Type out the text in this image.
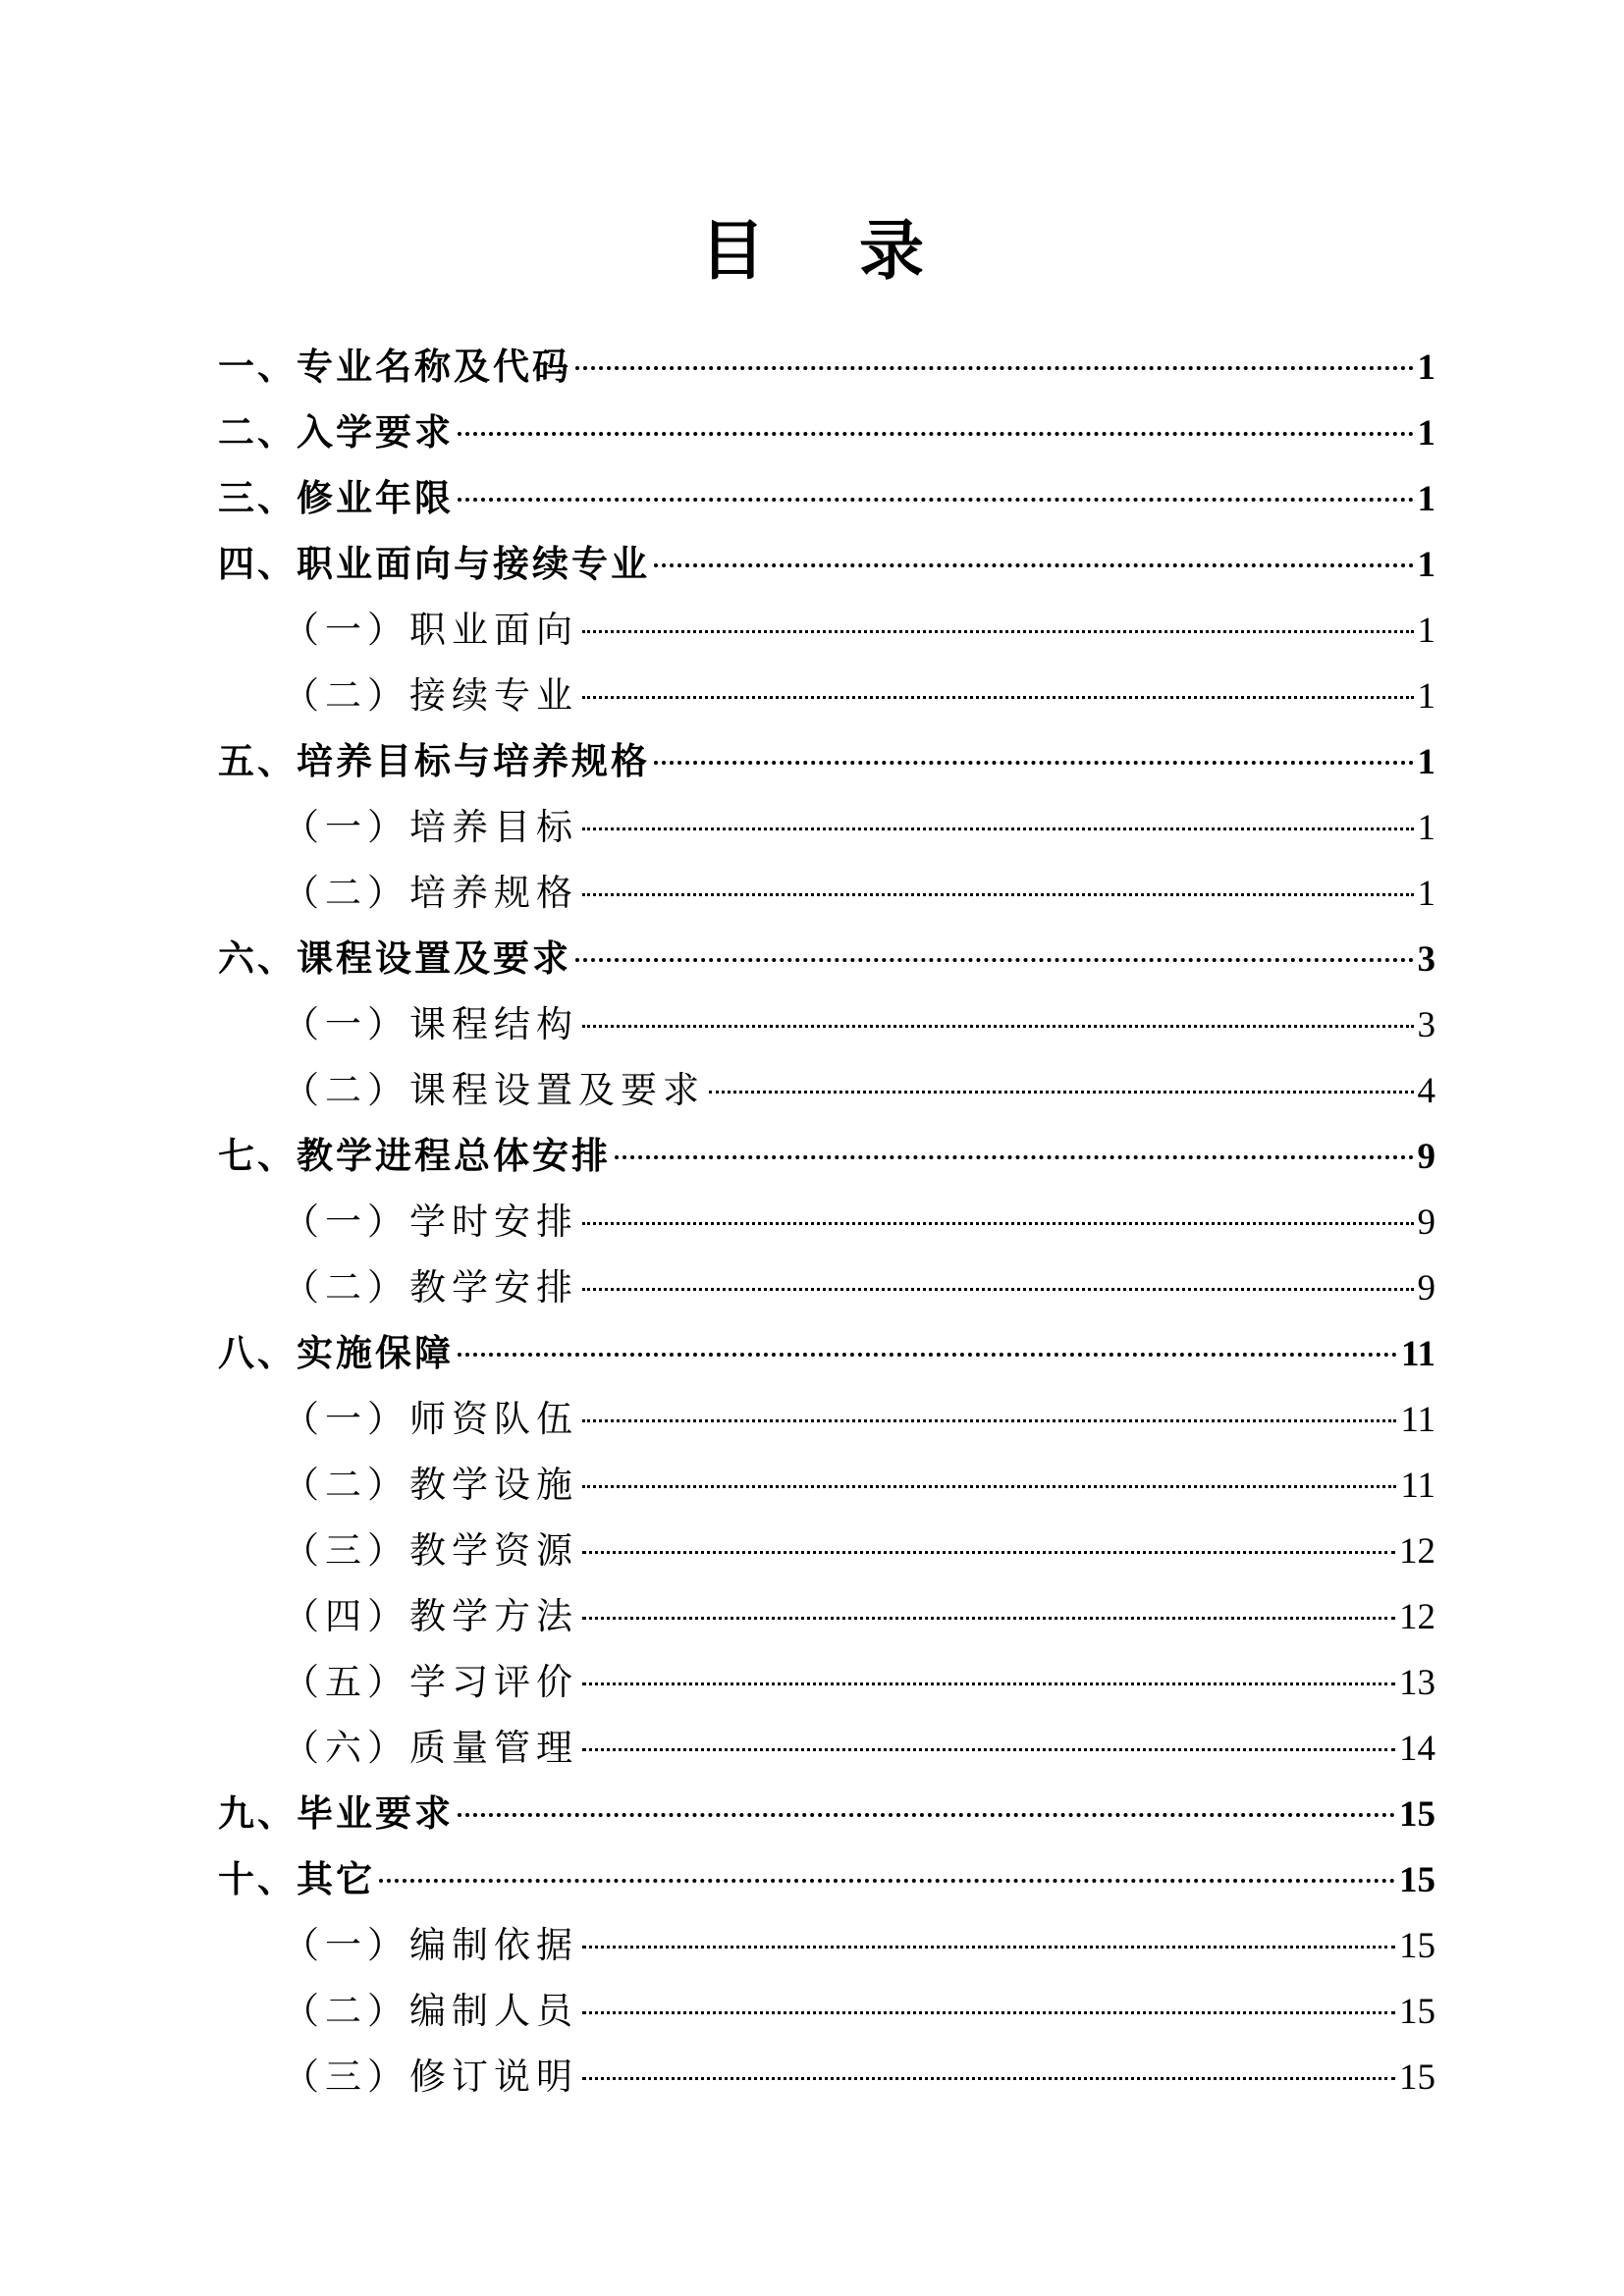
目录
一、专业名称及代码	1
二、入学要求	1
三、修业年限	1
四、职业面向与接续专业	1
（一）职业面向	1
（二）接续专业	1
五、培养目标与培养规格	1
（一）培养目标	1
（二）培养规格	1
六、课程设置及要求	3
（一）课程结构	3
（二）课程设置及要求	4
七、教学进程总体安排	9
（一）学时安排	9
（二）教学安排	9
八、实施保障	11
（一）师资队伍	11
（二）教学设施	11
（三）教学资源	12
（四）教学方法	12
（五）学习评价	13
（六）质量管理	14
九、毕业要求	15
十、其它	15
（一）编制依据	15
（二）编制人员	15
（三）修订说明	15
